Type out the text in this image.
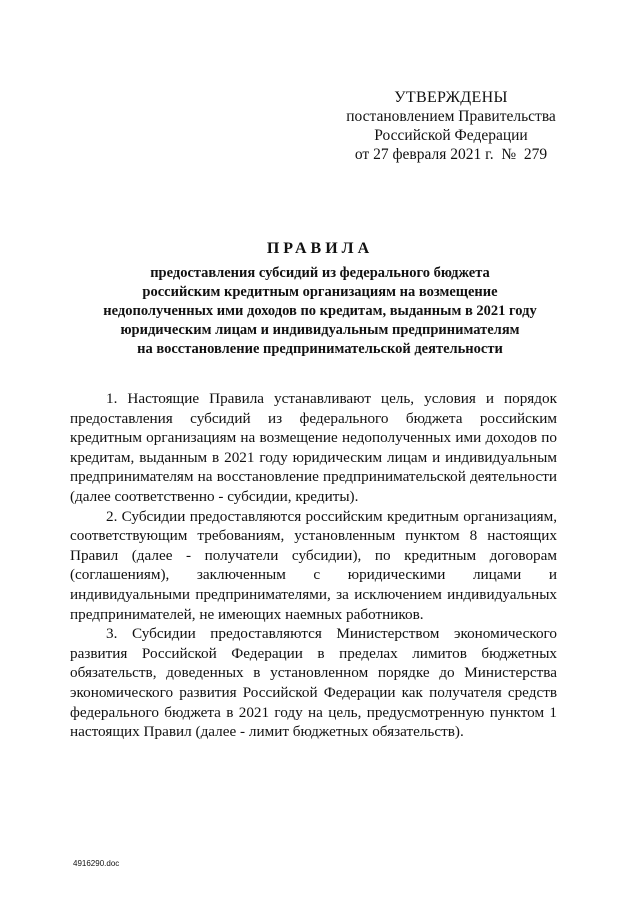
УТВЕРЖДЕНЫ
постановлением Правительства
Российской Федерации
от 27 февраля 2021 г.  №  279
ПРАВИЛА
предоставления субсидий из федерального бюджета
российским кредитным организациям на возмещение
недополученных ими доходов по кредитам, выданным в 2021 году
юридическим лицам и индивидуальным предпринимателям
на восстановление предпринимательской деятельности

1. Настоящие Правила устанавливают цель, условия и порядок предоставления субсидий из федерального бюджета российским кредитным организациям на возмещение недополученных ими доходов по кредитам, выданным в 2021 году юридическим лицам и индивидуальным предпринимателям на восстановление предпринимательской деятельности (далее соответственно - субсидии, кредиты).

2. Субсидии предоставляются российским кредитным организациям, соответствующим требованиям, установленным пунктом 8 настоящих Правил (далее - получатели субсидии), по кредитным договорам (соглашениям), заключенным с юридическими лицами и индивидуальными предпринимателями, за исключением индивидуальных предпринимателей, не имеющих наемных работников.

3. Субсидии предоставляются Министерством экономического развития Российской Федерации в пределах лимитов бюджетных обязательств, доведенных в установленном порядке до Министерства экономического развития Российской Федерации как получателя средств федерального бюджета в 2021 году на цель, предусмотренную пунктом 1 настоящих Правил (далее - лимит бюджетных обязательств).

4916290.doc
